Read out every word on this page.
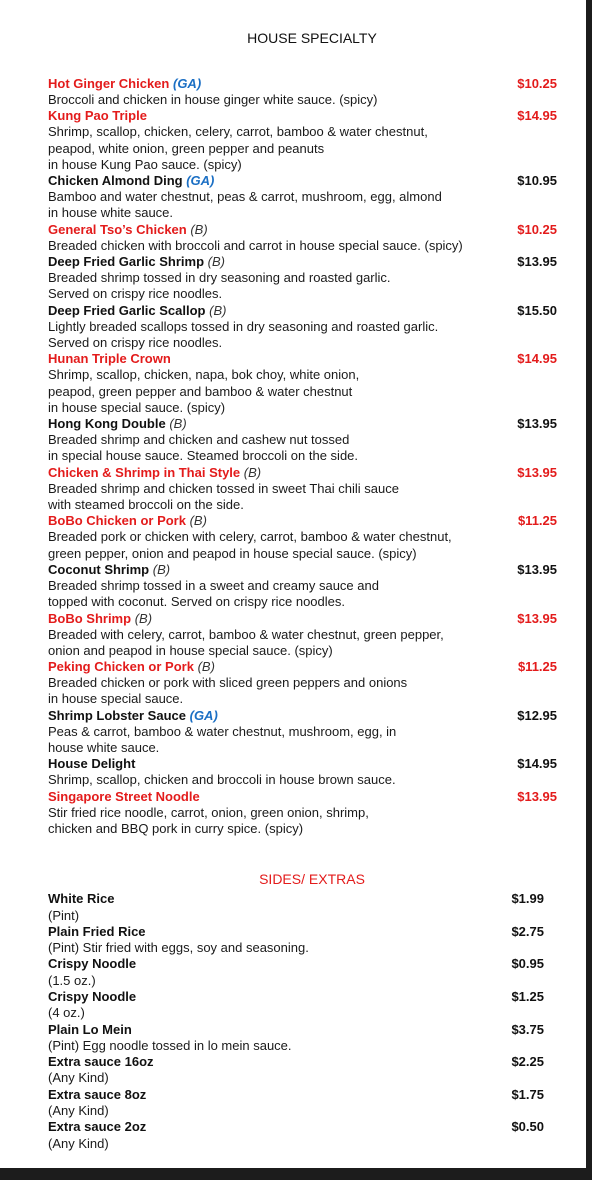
HOUSE SPECIALTY
Hot Ginger Chicken (GA)
Broccoli and chicken in house ginger white sauce. (spicy)
$10.25
Kung Pao Triple
Shrimp, scallop, chicken, celery, carrot, bamboo & water chestnut,
peapod, white onion, green pepper and peanuts
in house Kung Pao sauce. (spicy)
$14.95
Chicken Almond Ding (GA)
Bamboo and water chestnut, peas & carrot, mushroom, egg, almond
in house white sauce.
$10.95
General Tso’s Chicken (B)
Breaded chicken with broccoli and carrot in house special sauce. (spicy)
$10.25
Deep Fried Garlic Shrimp (B)
Breaded shrimp tossed in dry seasoning and roasted garlic.
Served on crispy rice noodles.
$13.95
Deep Fried Garlic Scallop (B)
Lightly breaded scallops tossed in dry seasoning and roasted garlic.
Served on crispy rice noodles.
$15.50
Hunan Triple Crown
Shrimp, scallop, chicken, napa, bok choy, white onion,
peapod, green pepper and bamboo & water chestnut
in house special sauce. (spicy)
$14.95
Hong Kong Double (B)
Breaded shrimp and chicken and cashew nut tossed
in special house sauce. Steamed broccoli on the side.
$13.95
Chicken & Shrimp in Thai Style (B)
Breaded shrimp and chicken tossed in sweet Thai chili sauce
with steamed broccoli on the side.
$13.95
BoBo Chicken or Pork (B)
Breaded pork or chicken with celery, carrot, bamboo & water chestnut,
green pepper, onion and peapod in house special sauce. (spicy)
$11.25
Coconut Shrimp (B)
Breaded shrimp tossed in a sweet and creamy sauce and
topped with coconut. Served on crispy rice noodles.
$13.95
BoBo Shrimp (B)
Breaded with celery, carrot, bamboo & water chestnut, green pepper,
onion and peapod in house special sauce. (spicy)
$13.95
Peking Chicken or Pork (B)
Breaded chicken or pork with sliced green peppers and onions
in house special sauce.
$11.25
Shrimp Lobster Sauce (GA)
Peas & carrot, bamboo & water chestnut, mushroom, egg, in
house white sauce.
$12.95
House Delight
Shrimp, scallop, chicken and broccoli in house brown sauce.
$14.95
Singapore Street Noodle
Stir fried rice noodle, carrot, onion, green onion, shrimp,
chicken and BBQ pork in curry spice. (spicy)
$13.95
SIDES/ EXTRAS
White Rice
(Pint)
$1.99
Plain Fried Rice
(Pint) Stir fried with eggs, soy and seasoning.
$2.75
Crispy Noodle
(1.5 oz.)
$0.95
Crispy Noodle
(4 oz.)
$1.25
Plain Lo Mein
(Pint) Egg noodle tossed in lo mein sauce.
$3.75
Extra sauce 16oz
(Any Kind)
$2.25
Extra sauce 8oz
(Any Kind)
$1.75
Extra sauce 2oz
(Any Kind)
$0.50
